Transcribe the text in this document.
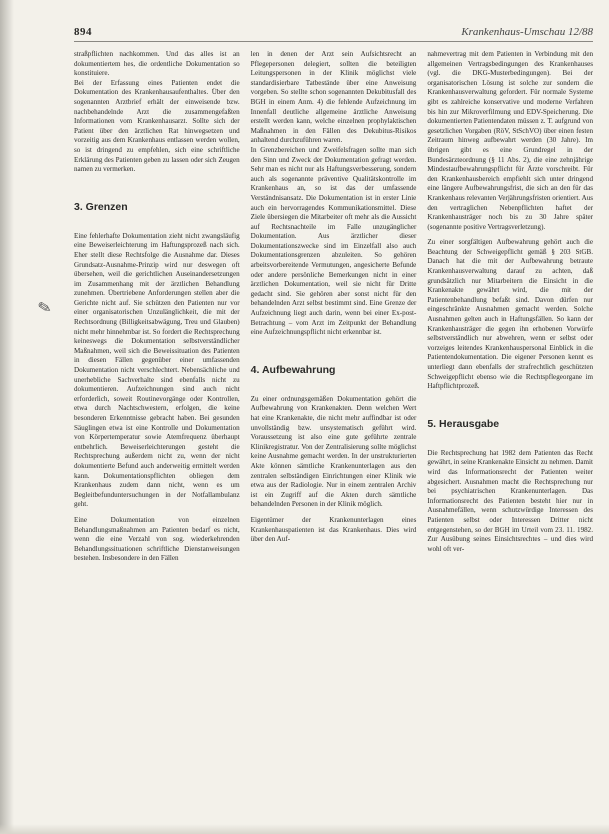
✎
894	Krankenhaus-Umschau 12/88

straßpflichten nachkommen. Und das alles ist an dokumentiertem hes, die ordentliche Dokumentation so konstituiere.

Bei der Erfassung eines Patienten endet die Dokumentation des Krankenhausaufenthaltes. Über den sogenannten Arztbrief erhält der einweisende bzw. nachbehandelnde Arzt die zusammengefaßten Informationen vom Krankenhausarzt. Sollte sich der Patient über den ärztlichen Rat hinwegsetzen und vorzeitig aus dem Krankenhaus entlassen werden wollen, so ist dringend zu empfehlen, sich eine schriftliche Erklärung des Patienten geben zu lassen oder sich Zeugen namen zu vermerken.

3. Grenzen

Eine fehlerhafte Dokumentation zieht nicht zwangsläufig eine Beweiserleichterung im Haftungsprozeß nach sich. Eher stellt diese Rechtsfolge die Ausnahme dar. Dieses Grundsatz-Ausnahme-Prinzip wird nur deswegen oft übersehen, weil die gerichtlichen Auseinandersetzungen im Zusammenhang mit der ärztlichen Behandlung zunehmen. Übertriebene Anforderungen stellen aber die Gerichte nicht auf. Sie schützen den Patienten nur vor einer organisatorischen Unzulänglichkeit, die mit der Rechtsordnung (Billigkeitsabwägung, Treu und Glauben) nicht mehr hinnehmbar ist. So fordert die Rechtsprechung keineswegs die Dokumentation selbstverständlicher Maßnahmen, weil sich die Beweissituation des Patienten in diesen Fällen gegenüber einer umfassenden Dokumentation nicht verschlechtert. Nebensächliche und unerhebliche Sachverhalte sind ebenfalls nicht zu dokumentieren. Aufzeichnungen sind auch nicht erforderlich, soweit Routinevorgänge oder Kontrollen, etwa durch Nachtschwestern, erfolgen, die keine besonderen Erkenntnisse gebracht haben. Bei gesunden Säuglingen etwa ist eine Kontrolle und Dokumentation von Körpertemperatur sowie Atemfrequenz überhaupt entbehrlich. Beweiserleichterungen gesteht die Rechtsprechung außerdem nicht zu, wenn der nicht dokumentierte Befund auch anderweitig ermittelt werden kann. Dokumentationspflichten obliegen dem Krankenhaus zudem dann nicht, wenn es um Begleitbefunduntersuchungen in der Notfallambulanz geht.

Eine Dokumentation von einzelnen Behandlungsmaßnahmen am Patienten bedarf es nicht, wenn die eine Verzahl von sog. wiederkehrenden Behandlungssituationen schriftliche Dienstanweisungen bestehen. Insbesondere in den Fällen

len in denen der Arzt sein Aufsichtsrecht an Pflegepersonen delegiert, sollten die beteiligten Leitungspersonen in der Klinik möglichst viele standardisierbare Tatbestände über eine Anweisung vorgeben. So stellte schon sogenannten Dekubitusfall des BGH in einem Anm. 4) die fehlende Aufzeichnung im Innenfall deutliche allgemeine ärztliche Anweisung erstellt werden kann, welche einzelnen prophylaktischen Maßnahmen in den Fällen des Dekubitus-Risikos anhaltend durchzuführen waren.

In Grenzbereichen und Zweifelsfragen sollte man sich den Sinn und Zweck der Dokumentation gefragt werden. Sehr man es nicht nur als Haftungsverbesserung, sondern auch als sogenannte präventive Qualitätskontrolle im Krankenhaus an, so ist das der umfassende Verständnisansatz. Die Dokumentation ist in erster Linie auch ein hervorragendes Kommunikationsmittel. Diese Ziele übersiegen die Mitarbeiter oft mehr als die Aussicht auf Rechtsnachteile im Falle unzugänglicher Dokumentation. Aus ärztlicher dieser Dokumentationszwecke sind im Einzelfall also auch Dokumentationsgrenzen abzuleiten. So gehören arbeitsvorbereitende Vermutungen, angesicherte Befunde oder andere persönliche Bemerkungen nicht in einer ärztlichen Dokumentation, weil sie nicht für Dritte gedacht sind. Sie gehören aber sonst nicht für den behandelnden Arzt selbst bestimmt sind. Eine Grenze der Aufzeichnung liegt auch darin, wenn bei einer Ex-post-Betrachtung – vom Arzt im Zeitpunkt der Behandlung eine Aufzeichnungspflicht nicht erkennbar ist.

4. Aufbewahrung

Zu einer ordnungsgemäßen Dokumentation gehört die Aufbewahrung von Krankenakten. Denn welchen Wert hat eine Krankenakte, die nicht mehr auffindbar ist oder unvollständig bzw. unsystematisch geführt wird. Voraussetzung ist also eine gute geführte zentrale Klinikregistratur. Von der Zentralisierung sollte möglichst keine Ausnahme gemacht werden. In der unstrukturierten Akte können sämtliche Krankenunterlagen aus den zentralen selbständigen Einrichtungen einer Klinik wie etwa aus der Radiologie. Nur in einem zentralen Archiv ist ein Zugriff auf die Akten durch sämtliche behandelnden Personen in der Klinik möglich.

Eigentümer der Krankenunterlagen eines Krankenhauspatienten ist das Krankenhaus. Dies wird über den Auf-

nahmevertrag mit dem Patienten in Verbindung mit den allgemeinen Vertragsbedingungen des Krankenhauses (vgl. die DKG-Musterbedingungen). Bei der organisatorischen Lösung ist solche zur sondern die Krankenhausverwaltung gefordert. Für normale Systeme gibt es zahlreiche konservative und moderne Verfahren bis hin zur Mikroverfilmung und EDV-Speicherung. Die dokumentierten Patientendaten müssen z. T. aufgrund von gesetzlichen Vorgaben (RöV, StSchVO) über einen festen Zeitraum hinweg aufbewahrt werden (30 Jahre). Im übrigen gibt es eine Grundregel in der Bundesärzteordnung (§ 11 Abs. 2), die eine zehnjährige Mindestaufbewahrungspflicht für Ärzte vorschreibt. Für den Krankenhausbereich empfiehlt sich unter dringend eine längere Aufbewahrungsfrist, die sich an den für das Krankenhaus relevanten Verjährungsfristen orientiert. Aus den vertraglichen Nebenpflichten haftet der Krankenhausträger noch bis zu 30 Jahre später (sogenannte positive Vertragsverletzung).

Zu einer sorgfältigen Aufbewahrung gehört auch die Beachtung der Schweigepflicht gemäß § 203 StGB. Danach hat die mit der Aufbewahrung betraute Krankenhausverwaltung darauf zu achten, daß grundsätzlich nur Mitarbeitern die Einsicht in die Krankenakte gewährt wird, die mit der Patientenbehandlung befaßt sind. Davon dürfen nur eingeschränkte Ausnahmen gemacht werden. Solche Ausnahmen gelten auch in Haftungsfällen. So kann der Krankenhausträger die gegen ihn erhobenen Vorwürfe selbstverständlich nur abwehren, wenn er selbst oder vorzeiges leitendes Krankenhauspersonal Einblick in die Patientendokumentation. Die eigener Personen kennt es unterliegt dann ebenfalls der strafrechtlich geschützten Schweigepflicht ebenso wie die Rechtspflegeorgane im Haftpflichtprozeß.

5. Herausgabe

Die Rechtsprechung hat 1982 dem Patienten das Recht gewährt, in seine Krankenakte Einsicht zu nehmen. Damit wird das Informationsrecht der Patienten weiter abgesichert. Ausnahmen macht die Rechtsprechung nur bei psychiatrischen Krankenunterlagen. Das Informationsrecht des Patienten besteht hier nur in Ausnahmefällen, wenn schutzwürdige Interessen des Patienten selbst oder Interessen Dritter nicht entgegenstehen, so der BGH im Urteil vom 23. 11. 1982. Zur Ausübung seines Einsichtsrechtes – und dies wird wohl oft ver-
